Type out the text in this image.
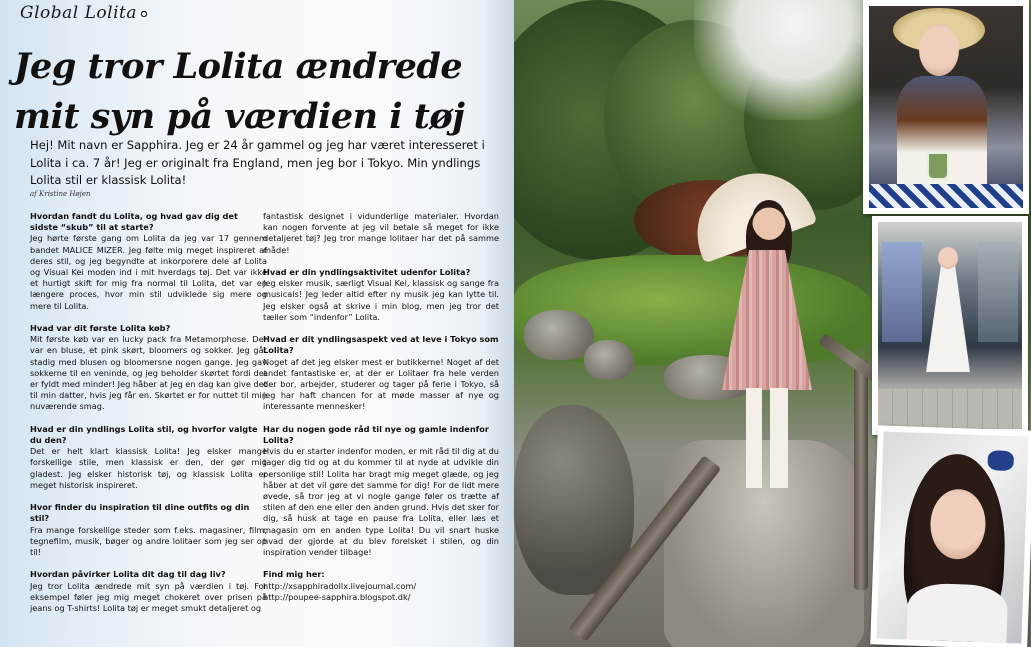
Global Lolita
Jeg tror Lolita ændrede mit syn på værdien i tøj

Hej! Mit navn er Sapphira. Jeg er 24 år gammel og jeg har været interesseret i Lolita i ca. 7 år! Jeg er originalt fra England, men jeg bor i Tokyo. Min yndlings Lolita stil er klassisk Lolita!

af Kristine Højen

Hvordan fandt du Lolita, og hvad gav dig det sidste “skub” til at starte?
Jeg hørte første gang om Lolita da jeg var 17 gennem bandet MALICE MIZER. Jeg følte mig meget inspireret af deres stil, og jeg begyndte at inkorporere dele af Lolita og Visual Kei moden ind i mit hverdags tøj. Det var ikke et hurtigt skift for mig fra normal til Lolita, det var en længere proces, hvor min stil udviklede sig mere og mere til Lolita.
Hvad var dit første Lolita køb?
Mit første køb var en lucky pack fra Metamorphose. Der var en bluse, et pink skørt, bloomers og sokker. Jeg går stadig med blusen og bloomersne nogen gange. Jeg gav sokkerne til en veninde, og jeg beholder skørtet fordi det er fyldt med minder! Jeg håber at jeg en dag kan give det til min datter, hvis jeg får en. Skørtet er for nuttet til min nuværende smag.
Hvad er din yndlings Lolita stil, og hvorfor valgte du den?
Det er helt klart klassisk Lolita! Jeg elsker mange forskellige stile, men klassisk er den, der gør mig gladest. Jeg elsker historisk tøj, og klassisk Lolita er meget historisk inspireret.
Hvor finder du inspiration til dine outfits og din stil?
Fra mange forskellige steder som f.eks. magasiner, film, tegnefilm, musik, bøger og andre lolitaer som jeg ser op til!
Hvordan påvirker Lolita dit dag til dag liv?
Jeg tror Lolita ændrede mit syn på værdien i tøj. For eksempel føler jeg mig meget chokeret over prisen på jeans og T-shirts! Lolita tøj er meget smukt detaljeret og
fantastisk designet i vidunderlige materialer. Hvordan kan nogen forvente at jeg vil betale så meget for ikke detaljeret tøj? Jeg tror mange lolitaer har det på samme måde!
Hvad er din yndlingsaktivitet udenfor Lolita?
Jeg elsker musik, særligt Visual Kei, klassisk og sange fra musicals! Jeg leder altid efter ny musik jeg kan lytte til. Jeg elsker også at skrive i min blog, men jeg tror det tæller som “indenfor” Lolita.
Hvad er dit yndlingsaspekt ved at leve i Tokyo som Lolita?
Noget af det jeg elsker mest er butikkerne! Noget af det andet fantastiske er, at der er Lolitaer fra hele verden der bor, arbejder, studerer og tager på ferie i Tokyo, så jeg har haft chancen for at møde masser af nye og interessante mennesker!
Har du nogen gode råd til nye og gamle indenfor Lolita?
Hvis du er starter indenfor moden, er mit råd til dig at du tager dig tid og at du kommer til at nyde at udvikle din personlige stil! Lolita har bragt mig meget glæde, og jeg håber at det vil gøre det samme for dig! For de lidt mere øvede, så tror jeg at vi nogle gange føler os trætte af stilen af den ene eller den anden grund. Hvis det sker for dig, så husk at tage en pause fra Lolita, eller læs et magasin om en anden type Lolita! Du vil snart huske hvad der gjorde at du blev forelsket i stilen, og din inspiration vender tilbage!
Find mig her:
http://xsapphiradollx.livejournal.com/
http://poupee-sapphira.blogspot.dk/
